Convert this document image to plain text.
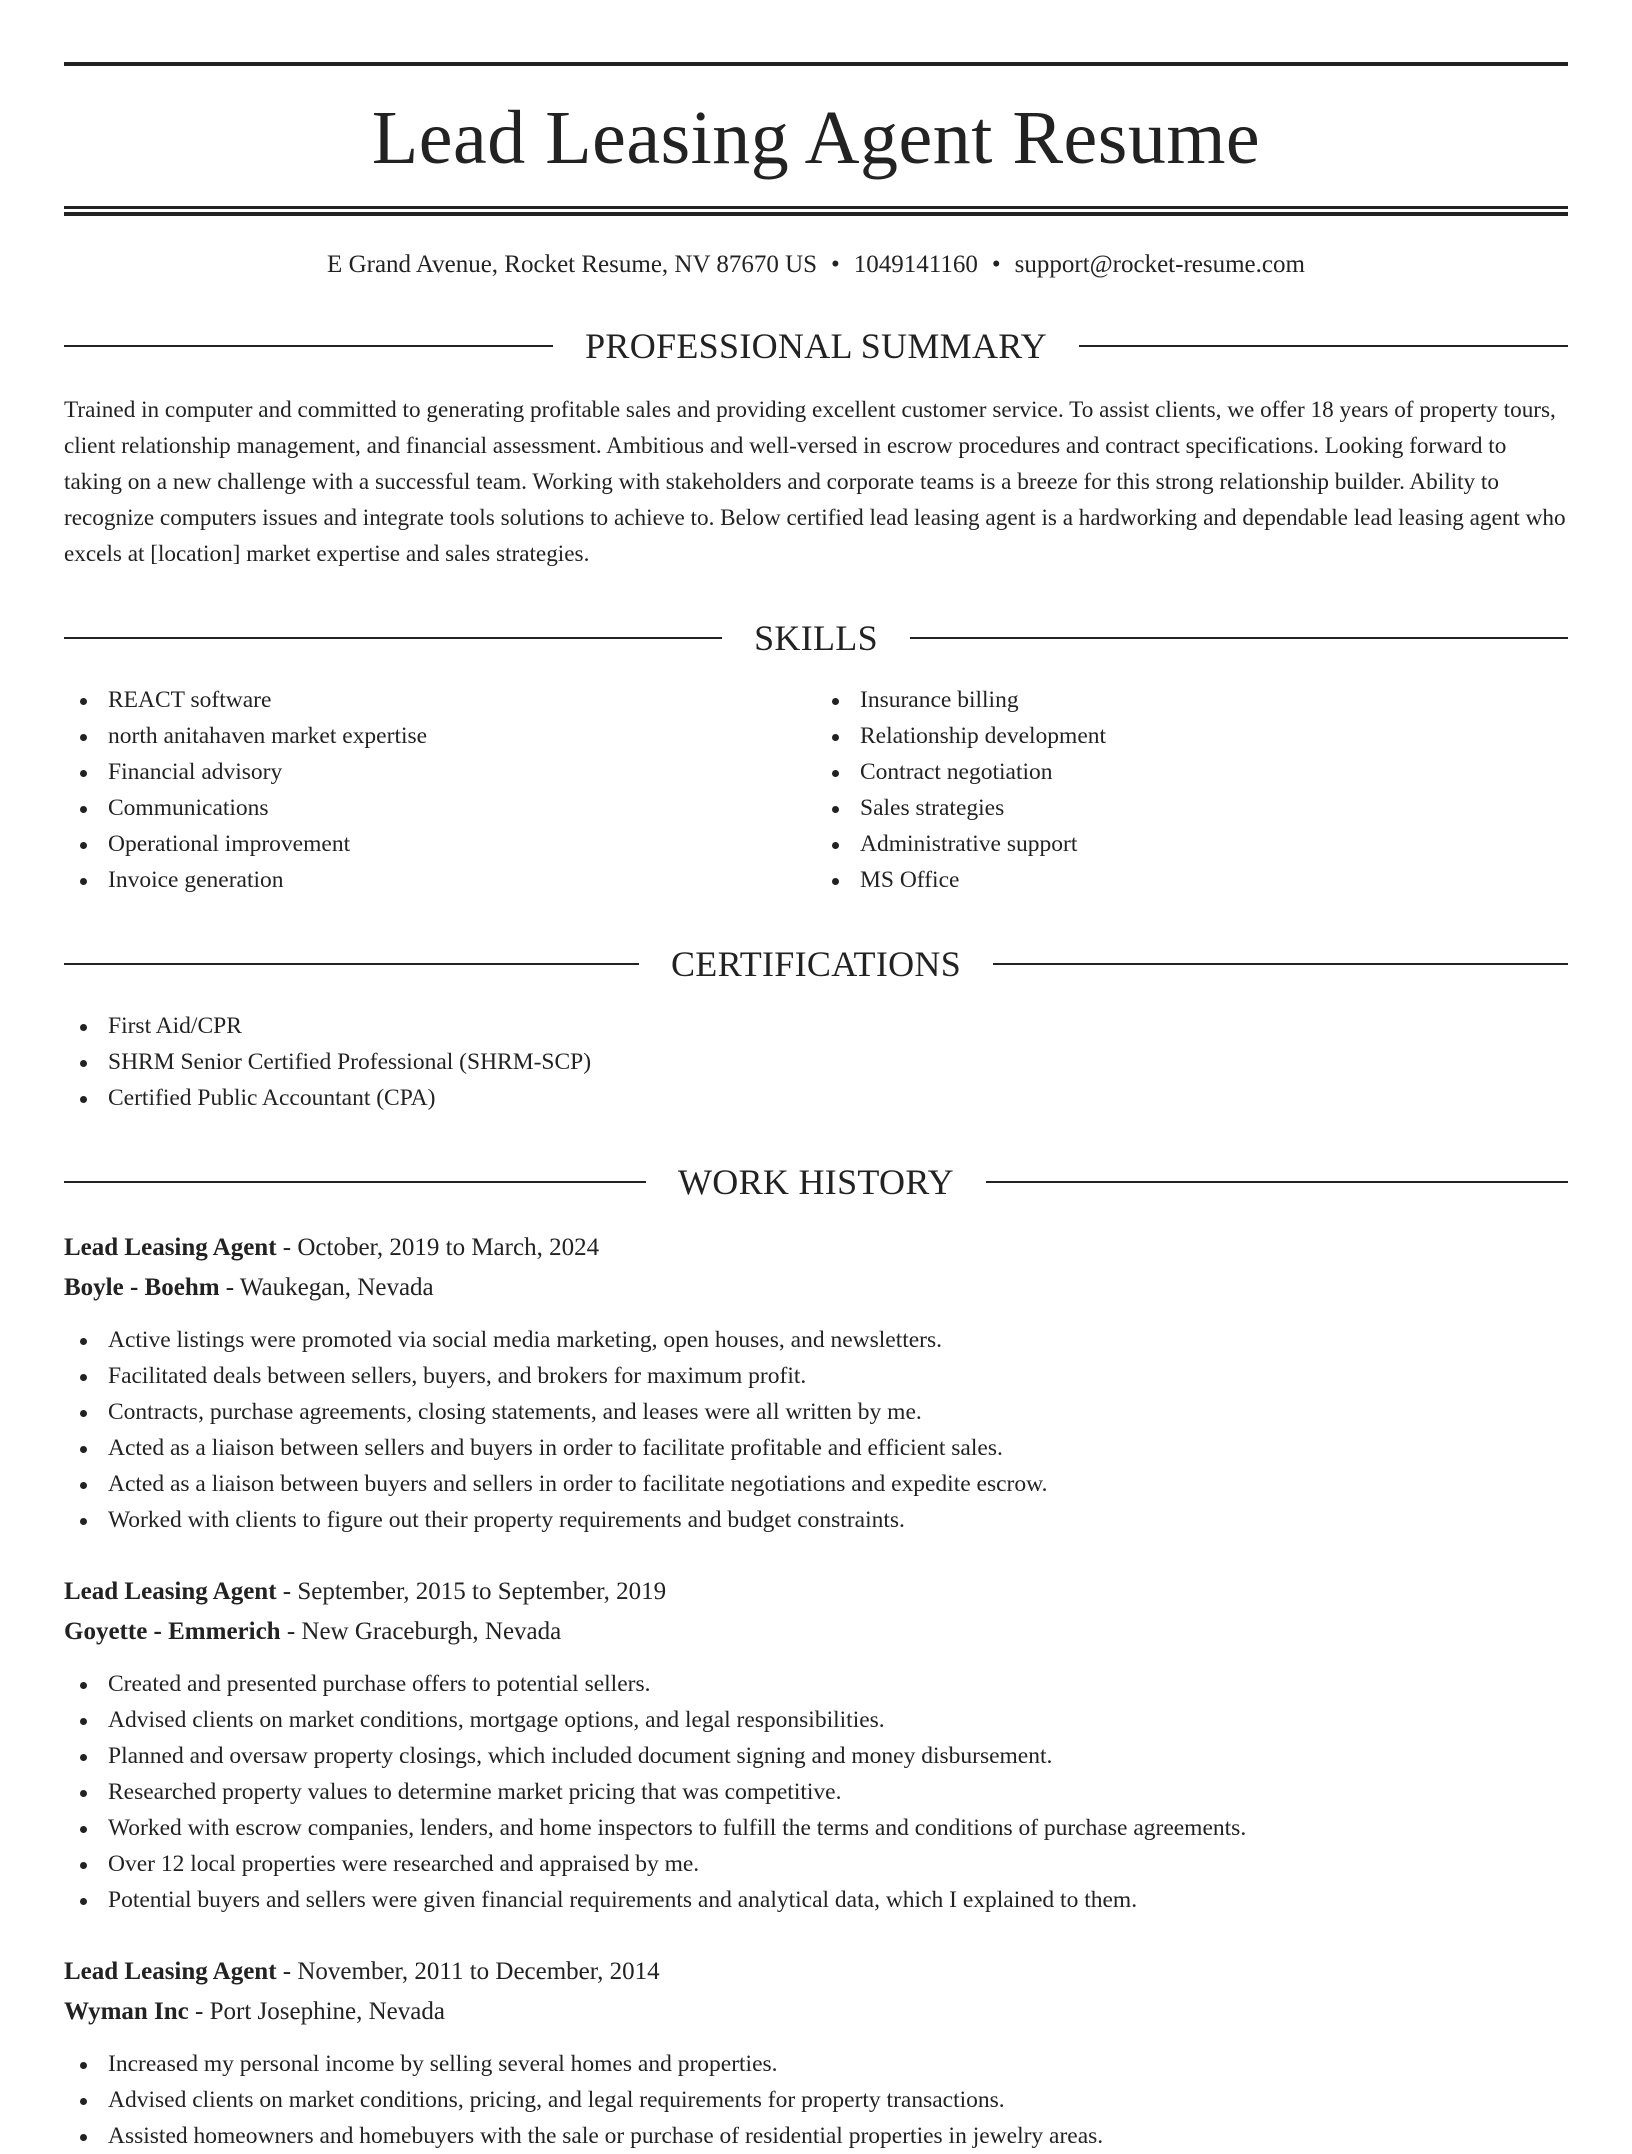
Lead Leasing Agent Resume
E Grand Avenue, Rocket Resume, NV 87670 US • 1049141160 • support@rocket-resume.com
PROFESSIONAL SUMMARY

Trained in computer and committed to generating profitable sales and providing excellent customer service. To assist clients, we offer 18 years of property tours, client relationship management, and financial assessment. Ambitious and well-versed in escrow procedures and contract specifications. Looking forward to taking on a new challenge with a successful team. Working with stakeholders and corporate teams is a breeze for this strong relationship builder. Ability to recognize computers issues and integrate tools solutions to achieve to. Below certified lead leasing agent is a hardworking and dependable lead leasing agent who excels at [location] market expertise and sales strategies.

SKILLS
REACT software
north anitahaven market expertise
Financial advisory
Communications
Operational improvement
Invoice generation
Insurance billing
Relationship development
Contract negotiation
Sales strategies
Administrative support
MS Office
CERTIFICATIONS
First Aid/CPR
SHRM Senior Certified Professional (SHRM-SCP)
Certified Public Accountant (CPA)
WORK HISTORY
Lead Leasing Agent - October, 2019 to March, 2024
Boyle - Boehm - Waukegan, Nevada
Active listings were promoted via social media marketing, open houses, and newsletters.
Facilitated deals between sellers, buyers, and brokers for maximum profit.
Contracts, purchase agreements, closing statements, and leases were all written by me.
Acted as a liaison between sellers and buyers in order to facilitate profitable and efficient sales.
Acted as a liaison between buyers and sellers in order to facilitate negotiations and expedite escrow.
Worked with clients to figure out their property requirements and budget constraints.
Lead Leasing Agent - September, 2015 to September, 2019
Goyette - Emmerich - New Graceburgh, Nevada
Created and presented purchase offers to potential sellers.
Advised clients on market conditions, mortgage options, and legal responsibilities.
Planned and oversaw property closings, which included document signing and money disbursement.
Researched property values to determine market pricing that was competitive.
Worked with escrow companies, lenders, and home inspectors to fulfill the terms and conditions of purchase agreements.
Over 12 local properties were researched and appraised by me.
Potential buyers and sellers were given financial requirements and analytical data, which I explained to them.
Lead Leasing Agent - November, 2011 to December, 2014
Wyman Inc - Port Josephine, Nevada
Increased my personal income by selling several homes and properties.
Advised clients on market conditions, pricing, and legal requirements for property transactions.
Assisted homeowners and homebuyers with the sale or purchase of residential properties in jewelry areas.
